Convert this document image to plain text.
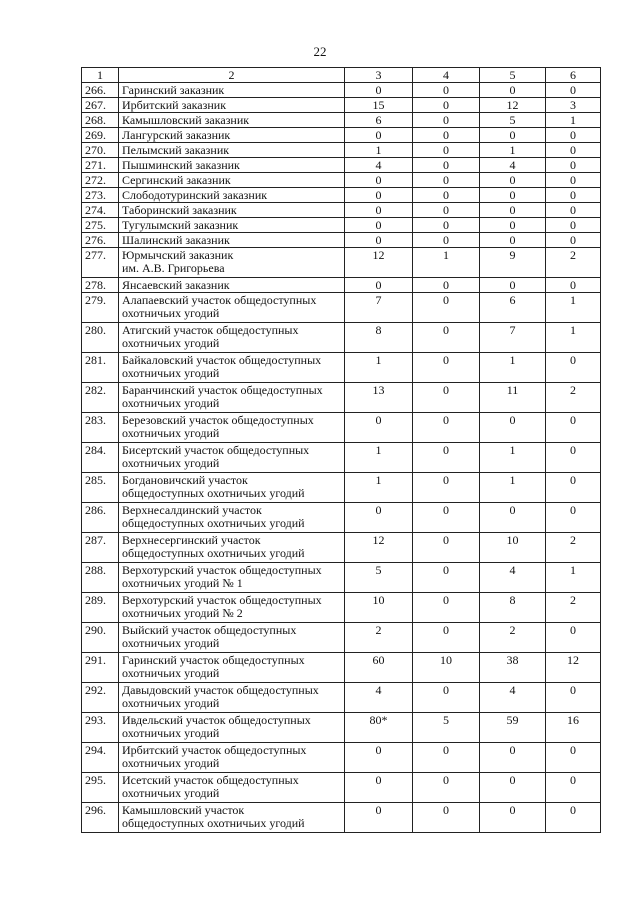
22
1	2	3	4	5	6
266.	Гаринский заказник	0	0	0	0
267.	Ирбитский заказник	15	0	12	3
268.	Камышловский заказник	6	0	5	1
269.	Лангурский заказник	0	0	0	0
270.	Пелымский заказник	1	0	1	0
271.	Пышминский заказник	4	0	4	0
272.	Сергинский заказник	0	0	0	0
273.	Слободотуринский заказник	0	0	0	0
274.	Таборинский заказник	0	0	0	0
275.	Тугулымский заказник	0	0	0	0
276.	Шалинский заказник	0	0	0	0
277.	Юрмычский заказник
им. А.В. Григорьева	12	1	9	2
278.	Янсаевский заказник	0	0	0	0
279.	Алапаевский участок общедоступных
охотничьих угодий	7	0	6	1
280.	Атигский участок общедоступных
охотничьих угодий	8	0	7	1
281.	Байкаловский участок общедоступных
охотничьих угодий	1	0	1	0
282.	Баранчинский участок общедоступных
охотничьих угодий	13	0	11	2
283.	Березовский участок общедоступных
охотничьих угодий	0	0	0	0
284.	Бисертский участок общедоступных
охотничьих угодий	1	0	1	0
285.	Богдановичский участок
общедоступных охотничьих угодий	1	0	1	0
286.	Верхнесалдинский участок
общедоступных охотничьих угодий	0	0	0	0
287.	Верхнесергинский участок
общедоступных охотничьих угодий	12	0	10	2
288.	Верхотурский участок общедоступных
охотничьих угодий № 1	5	0	4	1
289.	Верхотурский участок общедоступных
охотничьих угодий № 2	10	0	8	2
290.	Выйский участок общедоступных
охотничьих угодий	2	0	2	0
291.	Гаринский участок общедоступных
охотничьих угодий	60	10	38	12
292.	Давыдовский участок общедоступных
охотничьих угодий	4	0	4	0
293.	Ивдельский участок общедоступных
охотничьих угодий	80*	5	59	16
294.	Ирбитский участок общедоступных
охотничьих угодий	0	0	0	0
295.	Исетский участок общедоступных
охотничьих угодий	0	0	0	0
296.	Камышловский участок
общедоступных охотничьих угодий	0	0	0	0
